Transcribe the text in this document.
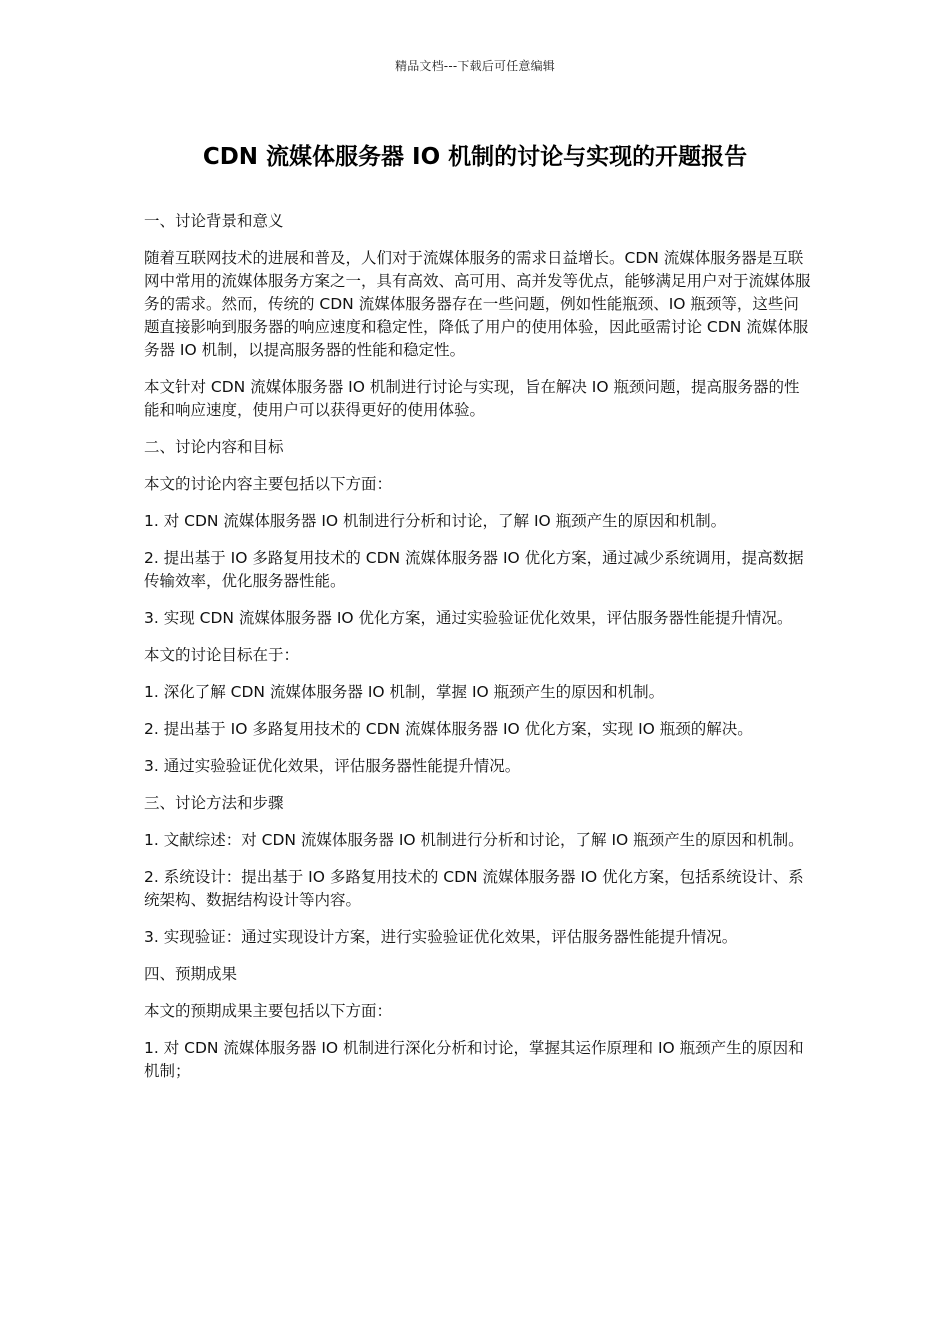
精品文档---下载后可任意编辑
CDN 流媒体服务器 IO 机制的讨论与实现的开题报告

一、讨论背景和意义

随着互联网技术的进展和普及，人们对于流媒体服务的需求日益增长。CDN 流媒体服务器是互联网中常用的流媒体服务方案之一，具有高效、高可用、高并发等优点，能够满足用户对于流媒体服务的需求。然而，传统的 CDN 流媒体服务器存在一些问题，例如性能瓶颈、IO 瓶颈等，这些问题直接影响到服务器的响应速度和稳定性，降低了用户的使用体验，因此亟需讨论 CDN 流媒体服务器 IO 机制，以提高服务器的性能和稳定性。

本文针对 CDN 流媒体服务器 IO 机制进行讨论与实现，旨在解决 IO 瓶颈问题，提高服务器的性能和响应速度，使用户可以获得更好的使用体验。

二、讨论内容和目标

本文的讨论内容主要包括以下方面：

1. 对 CDN 流媒体服务器 IO 机制进行分析和讨论，了解 IO 瓶颈产生的原因和机制。

2. 提出基于 IO 多路复用技术的 CDN 流媒体服务器 IO 优化方案，通过减少系统调用，提高数据传输效率，优化服务器性能。

3. 实现 CDN 流媒体服务器 IO 优化方案，通过实验验证优化效果，评估服务器性能提升情况。

本文的讨论目标在于：

1. 深化了解 CDN 流媒体服务器 IO 机制，掌握 IO 瓶颈产生的原因和机制。

2. 提出基于 IO 多路复用技术的 CDN 流媒体服务器 IO 优化方案，实现 IO 瓶颈的解决。

3. 通过实验验证优化效果，评估服务器性能提升情况。

三、讨论方法和步骤

1. 文献综述：对 CDN 流媒体服务器 IO 机制进行分析和讨论，了解 IO 瓶颈产生的原因和机制。

2. 系统设计：提出基于 IO 多路复用技术的 CDN 流媒体服务器 IO 优化方案，包括系统设计、系统架构、数据结构设计等内容。

3. 实现验证：通过实现设计方案，进行实验验证优化效果，评估服务器性能提升情况。

四、预期成果

本文的预期成果主要包括以下方面：

1. 对 CDN 流媒体服务器 IO 机制进行深化分析和讨论，掌握其运作原理和 IO 瓶颈产生的原因和机制；
